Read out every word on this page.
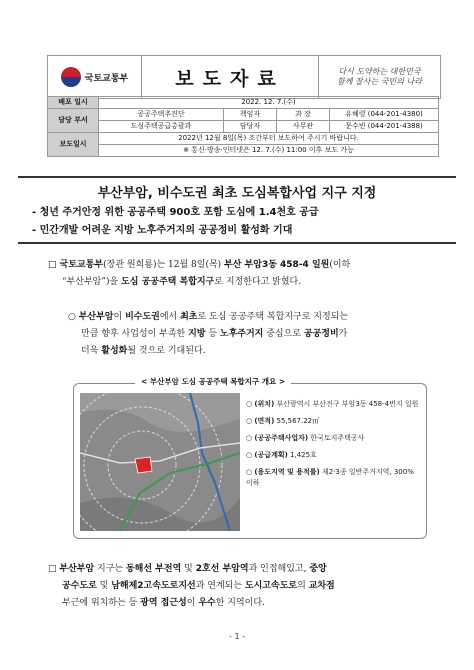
국토교통부	보도자료	다시 도약하는 대한민국
함께 잘사는 국민의 나라
배포 일시	2022. 12. 7.(수)			
담당 부서	공공주택추진단	책임자	과 장	유혜령 (044-201-4380)
	도심주택공급총괄과	담당자	사무관	문수빈 (044-201-4388)
보도일시	2022년 12월 8일(목) 조간부터 보도하여 주시기 바랍니다.			
	※ 통신·방송·인터넷은 12. 7.(수) 11:00 이후 보도 가능			
부산부암, 비수도권 최초 도심복합사업 지구 지정
- 청년 주거안정 위한 공공주택 900호 포함 도심에 1.4천호 공급
- 민간개발 어려운 지방 노후주거지의 공공정비 활성화 기대
□ 국토교통부(장관 원희룡)는 12월 8일(목) 부산 부암3동 458-4 일원(이하
“부산부암”)을 도심 공공주택 복합지구로 지정한다고 밝혔다.
○ 부산부암이 비수도권에서 최초로 도심 공공주택 복합지구로 지정되는
만큼 향후 사업성이 부족한 지방 등 노후주거지 중심으로 공공정비가
더욱 활성화될 것으로 기대된다.
< 부산부암 도심 공공주택 복합지구 개요 >
○ (위치) 부산광역시 부산진구 부암3동 458-4번지 일원
○ (면적) 55,567.22㎡
○ (공공주택사업자) 한국토지주택공사
○ (공급계획) 1,425호
○ (용도지역 및 용적률) 제2·3종 일반주거지역, 300% 이하
□ 부산부암 지구는 동해선 부전역 및 2호선 부암역과 인접해있고, 중앙
공수도로 및 남해제2고속도로지선과 연계되는 도시고속도로의 교차점
부근에 위치하는 등 광역 접근성이 우수한 지역이다.
- 1 -
